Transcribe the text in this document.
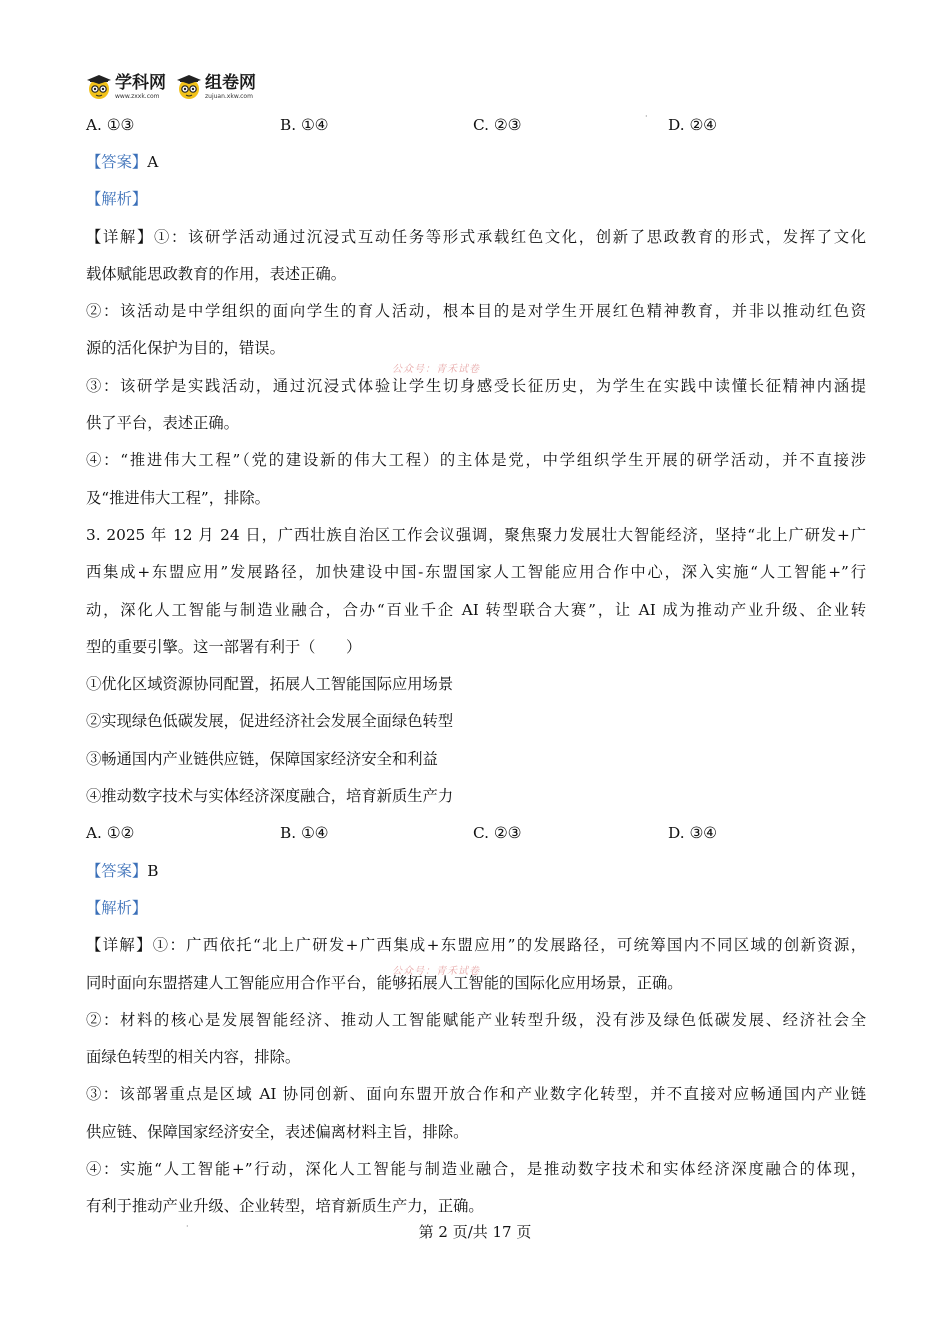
学科网
www.zxxk.com
组卷网
zujuan.xkw.com
A. ①③	B. ①④	C. ②③	D. ②④
·
【答案】A
【解析】
【详解】①：该研学活动通过沉浸式互动任务等形式承载红色文化，创新了思政教育的形式，发挥了文化
载体赋能思政教育的作用，表述正确。
②：该活动是中学组织的面向学生的育人活动，根本目的是对学生开展红色精神教育，并非以推动红色资
源的活化保护为目的，错误。
公众号：青禾试卷
③：该研学是实践活动，通过沉浸式体验让学生切身感受长征历史，为学生在实践中读懂长征精神内涵提
供了平台，表述正确。
④：“推进伟大工程”（党的建设新的伟大工程）的主体是党，中学组织学生开展的研学活动，并不直接涉
及“推进伟大工程”，排除。
3. 2025 年 12 月 24 日，广西壮族自治区工作会议强调，聚焦聚力发展壮大智能经济，坚持“北上广研发+广
西集成+东盟应用”发展路径，加快建设中国-东盟国家人工智能应用合作中心，深入实施“人工智能+”行
动，深化人工智能与制造业融合，合办“百业千企 AI 转型联合大赛”，让 AI 成为推动产业升级、企业转
型的重要引擎。这一部署有利于（　　）
①优化区域资源协同配置，拓展人工智能国际应用场景
②实现绿色低碳发展，促进经济社会发展全面绿色转型
③畅通国内产业链供应链，保障国家经济安全和利益
④推动数字技术与实体经济深度融合，培育新质生产力
A. ①②	B. ①④	C. ②③	D. ③④
【答案】B
【解析】
【详解】①：广西依托“北上广研发+广西集成+东盟应用”的发展路径，可统筹国内不同区域的创新资源，
公众号：青禾试卷
同时面向东盟搭建人工智能应用合作平台，能够拓展人工智能的国际化应用场景，正确。
②：材料的核心是发展智能经济、推动人工智能赋能产业转型升级，没有涉及绿色低碳发展、经济社会全
面绿色转型的相关内容，排除。
③：该部署重点是区域 AI 协同创新、面向东盟开放合作和产业数字化转型，并不直接对应畅通国内产业链
供应链、保障国家经济安全，表述偏离材料主旨，排除。
④：实施“人工智能+”行动，深化人工智能与制造业融合，是推动数字技术和实体经济深度融合的体现，
有利于推动产业升级、企业转型，培育新质生产力，正确。
·	第 2 页/共 17 页
